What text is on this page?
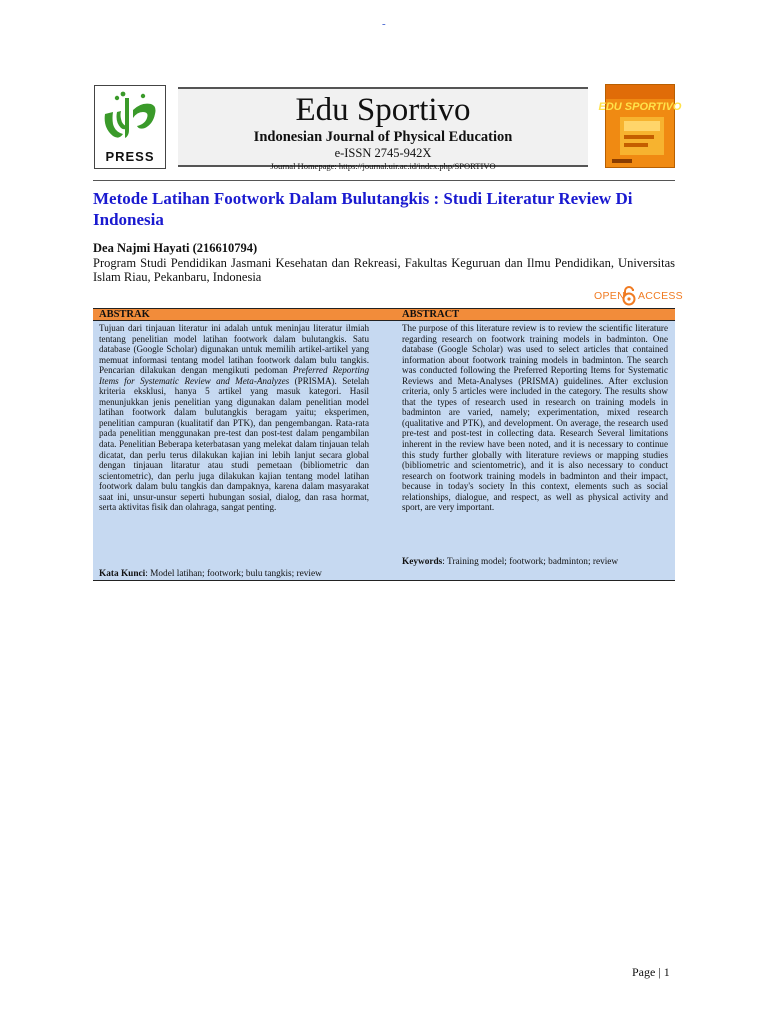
-
PRESS
Edu Sportivo
Indonesian Journal of Physical Education
e-ISSN 2745-942X
Journal Homepage: https://journal.uir.ac.id/index.php/SPORTIVO
EDU SPORTIVO
Metode Latihan Footwork Dalam Bulutangkis : Studi Literatur Review Di Indonesia
Dea Najmi Hayati (216610794)
Program Studi Pendidikan Jasmani Kesehatan dan Rekreasi, Fakultas Keguruan dan Ilmu Pendidikan, Universitas Islam Riau, Pekanbaru, Indonesia
OPEN ACCESS
ABSTRAK	ABSTRACT

Tujuan dari tinjauan literatur ini adalah untuk meninjau literatur ilmiah tentang penelitian model latihan footwork dalam bulutangkis. Satu database (Google Scholar) digunakan untuk memilih artikel-artikel yang memuat informasi tentang model latihan footwork dalam bulu tangkis. Pencarian dilakukan dengan mengikuti pedoman Preferred Reporting Items for Systematic Review and Meta-Analyzes (PRISMA). Setelah kriteria eksklusi, hanya 5 artikel yang masuk kategori. Hasil menunjukkan jenis penelitian yang digunakan dalam penelitian model latihan footwork dalam bulutangkis beragam yaitu; eksperimen, penelitian campuran (kualitatif dan PTK), dan pengembangan. Rata-rata pada penelitian menggunakan pre-test dan post-test dalam pengambilan data. Penelitian Beberapa keterbatasan yang melekat dalam tinjauan telah dicatat, dan perlu terus dilakukan kajian ini lebih lanjut secara global dengan tinjauan litaratur atau studi pemetaan (bibliometric dan scientometric), dan perlu juga dilakukan kajian tentang model latihan footwork dalam bulu tangkis dan dampaknya, karena dalam masyarakat saat ini, unsur-unsur seperti hubungan sosial, dialog, dan rasa hormat, serta aktivitas fisik dan olahraga, sangat penting.

Kata Kunci: Model latihan; footwork; bulu tangkis; review

The purpose of this literature review is to review the scientific literature regarding research on footwork training models in badminton. One database (Google Scholar) was used to select articles that contained information about footwork training models in badminton. The search was conducted following the Preferred Reporting Items for Systematic Reviews and Meta-Analyses (PRISMA) guidelines. After exclusion criteria, only 5 articles were included in the category. The results show that the types of research used in research on training models in badminton are varied, namely; experimentation, mixed research (qualitative and PTK), and development. On average, the research used pre-test and post-test in collecting data. Research Several limitations inherent in the review have been noted, and it is necessary to continue this study further globally with literature reviews or mapping studies (bibliometric and scientometric), and it is also necessary to conduct research on footwork training models in badminton and their impact, because in today's society In this context, elements such as social relationships, dialogue, and respect, as well as physical activity and sport, are very important.

Keywords: Training model; footwork; badminton; review
Page | 1
